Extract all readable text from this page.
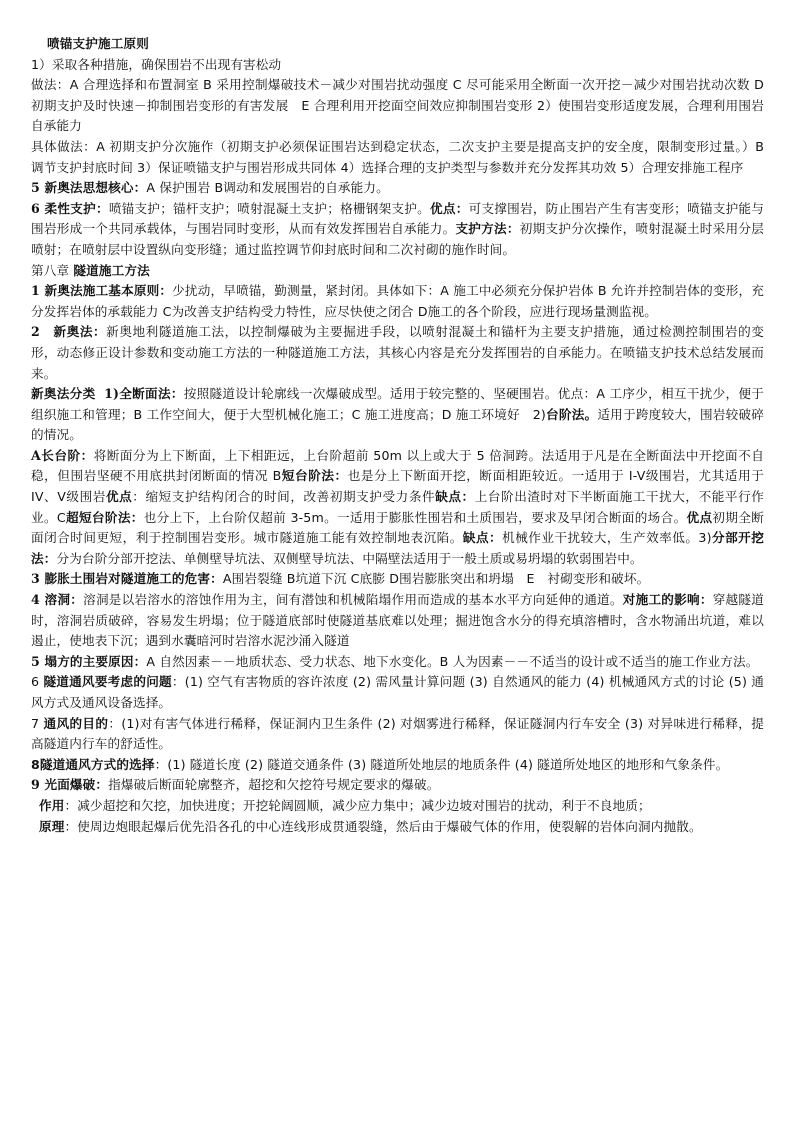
喷锚支护施工原则

1）采取各种措施，确保围岩不出现有害松动

做法：A 合理选择和布置洞室 B 采用控制爆破技术－减少对围岩扰动强度 C 尽可能采用全断面一次开挖－减少对围岩扰动次数 D初期支护及时快速－抑制围岩变形的有害发展　E 合理利用开挖面空间效应抑制围岩变形 2）使围岩变形适度发展，合理利用围岩自承能力

具体做法：A 初期支护分次施作（初期支护必须保证围岩达到稳定状态，二次支护主要是提高支护的安全度，限制变形过量。）B 调节支护封底时间 3）保证喷锚支护与围岩形成共同体 4）选择合理的支护类型与参数并充分发挥其功效 5）合理安排施工程序

5 新奥法思想核心：A 保护围岩 B调动和发展围岩的自承能力。

6 柔性支护：喷锚支护；锚杆支护；喷射混凝土支护；格栅钢架支护。优点：可支撑围岩，防止围岩产生有害变形；喷锚支护能与围岩形成一个共同承载体，与围岩同时变形，从而有效发挥围岩自承能力。支护方法：初期支护分次操作，喷射混凝土时采用分层喷射；在喷射层中设置纵向变形缝；通过监控调节仰封底时间和二次衬砌的施作时间。

第八章 隧道施工方法

1 新奥法施工基本原则：少扰动，早喷锚，勤测量，紧封闭。具体如下：A 施工中必须充分保护岩体 B 允许并控制岩体的变形，充分发挥岩体的承载能力 C为改善支护结构受力特性，应尽快使之闭合 D施工的各个阶段，应进行现场量测监视。

2　新奥法：新奥地利隧道施工法，以控制爆破为主要掘进手段，以喷射混凝土和锚杆为主要支护措施，通过检测控制围岩的变形，动态修正设计参数和变动施工方法的一种隧道施工方法，其核心内容是充分发挥围岩的自承能力。在喷锚支护技术总结发展而来。

新奥法分类 1)全断面法：按照隧道设计轮廓线一次爆破成型。适用于较完整的、坚硬围岩。优点：A 工序少，相互干扰少，便于组织施工和管理；B 工作空间大，便于大型机械化施工；C 施工进度高；D 施工环境好　2)台阶法。适用于跨度较大，围岩较破碎的情况。

A长台阶：将断面分为上下断面，上下相距远，上台阶超前 50m 以上或大于 5 倍洞跨。法适用于凡是在全断面法中开挖面不自稳，但围岩坚硬不用底拱封闭断面的情况 B短台阶法：也是分上下断面开挖，断面相距较近。一适用于 I-V级围岩，尤其适用于 IV、V级围岩优点：缩短支护结构闭合的时间，改善初期支护受力条件缺点：上台阶出渣时对下半断面施工干扰大，不能平行作业。C超短台阶法：也分上下，上台阶仅超前 3-5m。一适用于膨胀性围岩和土质围岩，要求及早闭合断面的场合。优点初期全断面闭合时间更短，利于控制围岩变形。城市隧道施工能有效控制地表沉陷。缺点：机械作业干扰较大，生产效率低。3)分部开挖法：分为台阶分部开挖法、单侧壁导坑法、双侧壁导坑法、中隔壁法适用于一般土质或易坍塌的软弱围岩中。

3 膨胀土围岩对隧道施工的危害：A围岩裂缝 B坑道下沉 C底膨 D围岩膨胀突出和坍塌　E　衬砌变形和破坏。

4 溶洞：溶洞是以岩溶水的溶蚀作用为主，间有潜蚀和机械陷塌作用而造成的基本水平方向延伸的通道。对施工的影响：穿越隧道时，溶洞岩质破碎，容易发生坍塌；位于隧道底部时使隧道基底难以处理；掘进饱含水分的得充填溶槽时，含水物涌出坑道，难以遏止，使地表下沉；遇到水囊暗河时岩溶水泥沙涌入隧道

5 塌方的主要原因：A 自然因素－－地质状态、受力状态、地下水变化。B 人为因素－－不适当的设计或不适当的施工作业方法。

6 隧道通风要考虑的问题：(1) 空气有害物质的容许浓度 (2) 需风量计算问题 (3) 自然通风的能力 (4) 机械通风方式的讨论 (5) 通风方式及通风设备选择。

7 通风的目的：(1)对有害气体进行稀释，保证洞内卫生条件 (2) 对烟雾进行稀释，保证隧洞内行车安全 (3) 对异味进行稀释，提高隧道内行车的舒适性。

8隧道通风方式的选择：(1) 隧道长度 (2) 隧道交通条件 (3) 隧道所处地层的地质条件 (4) 隧道所处地区的地形和气象条件。

9 光面爆破：指爆破后断面轮廓整齐，超挖和欠挖符号规定要求的爆破。

作用：减少超挖和欠挖，加快进度；开挖轮阔圆顺，减少应力集中；减少边坡对围岩的扰动，利于不良地质；

原理：使周边炮眼起爆后优先沿各孔的中心连线形成贯通裂缝，然后由于爆破气体的作用，使裂解的岩体向洞内抛散。
